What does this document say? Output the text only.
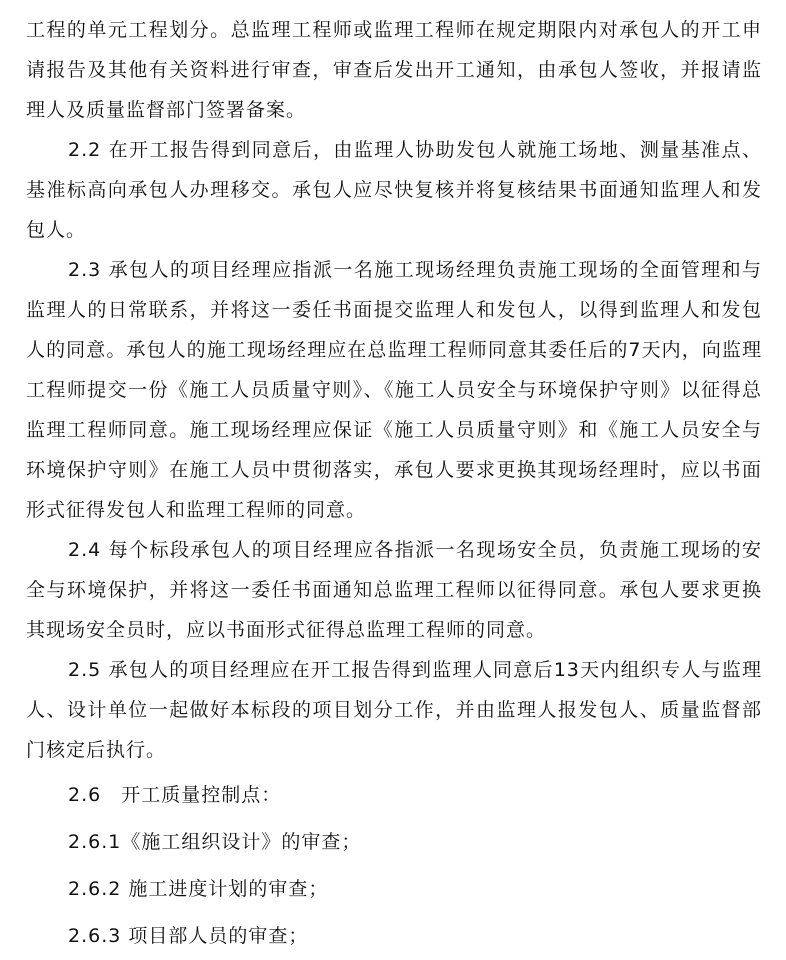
工程的单元工程划分。总监理工程师或监理工程师在规定期限内对承包人的开工申请报告及其他有关资料进行审查，审查后发出开工通知，由承包人签收，并报请监理人及质量监督部门签署备案。

2.2 在开工报告得到同意后，由监理人协助发包人就施工场地、测量基准点、基准标高向承包人办理移交。承包人应尽快复核并将复核结果书面通知监理人和发包人。

2.3 承包人的项目经理应指派一名施工现场经理负责施工现场的全面管理和与监理人的日常联系，并将这一委任书面提交监理人和发包人，以得到监理人和发包人的同意。承包人的施工现场经理应在总监理工程师同意其委任后的7天内，向监理工程师提交一份《施工人员质量守则》、《施工人员安全与环境保护守则》以征得总监理工程师同意。施工现场经理应保证《施工人员质量守则》和《施工人员安全与环境保护守则》在施工人员中贯彻落实，承包人要求更换其现场经理时，应以书面形式征得发包人和监理工程师的同意。

2.4 每个标段承包人的项目经理应各指派一名现场安全员，负责施工现场的安全与环境保护，并将这一委任书面通知总监理工程师以征得同意。承包人要求更换其现场安全员时，应以书面形式征得总监理工程师的同意。

2.5 承包人的项目经理应在开工报告得到监理人同意后13天内组织专人与监理人、设计单位一起做好本标段的项目划分工作，并由监理人报发包人、质量监督部门核定后执行。

2.6　开工质量控制点：

2.6.1《施工组织设计》的审查；

2.6.2 施工进度计划的审查；

2.6.3 项目部人员的审查；
